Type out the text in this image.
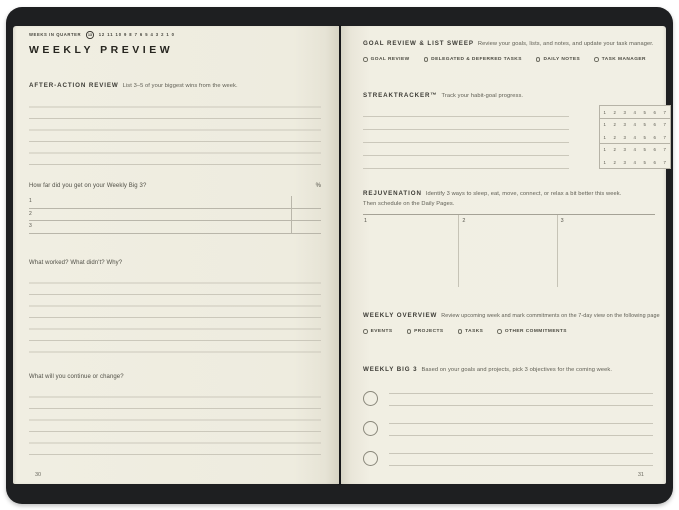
WEEKS IN QUARTER	13	12 11 10 9 8 7 6 5 4 3 2 1 0
WEEKLY PREVIEW
AFTER-ACTION REVIEW List 3–5 of your biggest wins from the week.
How far did you get on your Weekly Big 3?	%
1
2
3
What worked? What didn't? Why?
What will you continue or change?
30
GOAL REVIEW & LIST SWEEP Review your goals, lists, and notes, and update your task manager.
GOAL REVIEW	DELEGATED & DEFERRED TASKS	DAILY NOTES	TASK MANAGER
STREAKTRACKER™ Track your habit-goal progress.
1	2	3	4	5	6	7
1	2	3	4	5	6	7
1	2	3	4	5	6	7
1	2	3	4	5	6	7
1	2	3	4	5	6	7
REJUVENATION Identify 3 ways to sleep, eat, move, connect, or relax a bit better this week.
Then schedule on the Daily Pages.
1	2	3
WEEKLY OVERVIEW Review upcoming week and mark commitments on the 7-day view on the following page
EVENTS	PROJECTS	TASKS	OTHER COMMITMENTS
WEEKLY BIG 3 Based on your goals and projects, pick 3 objectives for the coming week.
31
